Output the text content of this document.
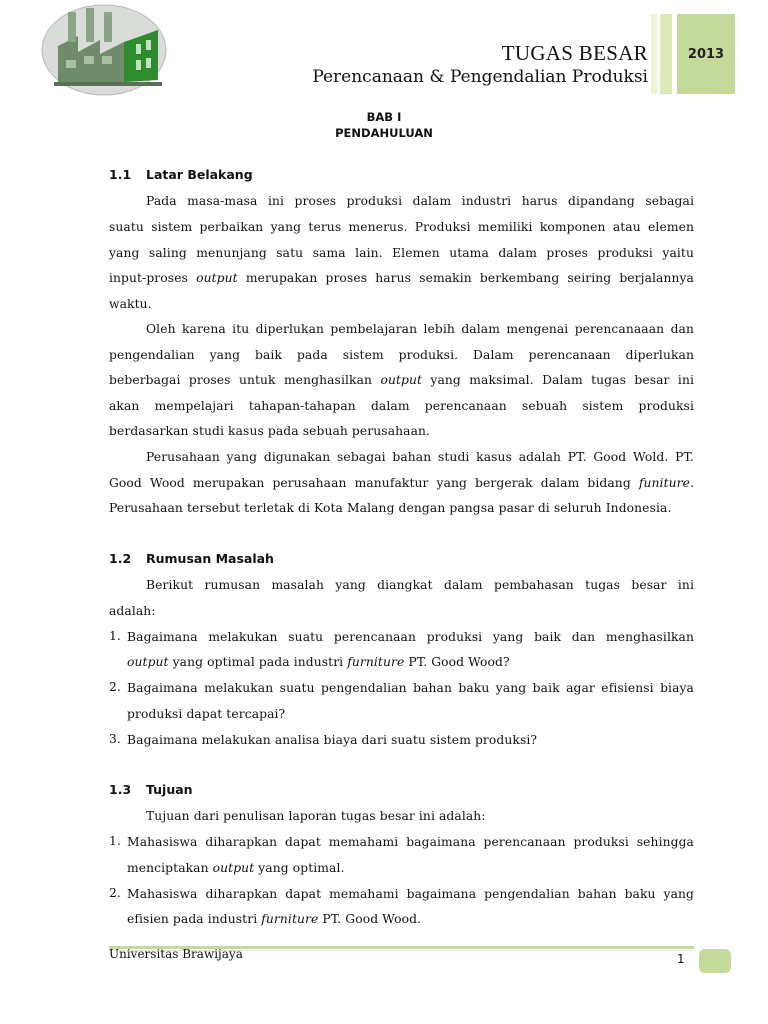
TUGAS BESAR
Perencanaan & Pengendalian Produksi
2013
BAB I
PENDAHULUAN
1.1 Latar Belakang
Pada masa-masa ini proses produksi dalam industri harus dipandang sebagai
suatu sistem perbaikan yang terus menerus. Produksi memiliki komponen atau elemen
yang saling menunjang satu sama lain. Elemen utama dalam proses produksi yaitu
input-proses output merupakan proses harus semakin berkembang seiring berjalannya
waktu.
Oleh karena itu diperlukan pembelajaran lebih dalam mengenai perencanaaan dan
pengendalian yang baik pada sistem produksi. Dalam perencanaan diperlukan
beberbagai proses untuk menghasilkan output yang maksimal. Dalam tugas besar ini
akan mempelajari tahapan-tahapan dalam perencanaan sebuah sistem produksi
berdasarkan studi kasus pada sebuah perusahaan.
Perusahaan yang digunakan sebagai bahan studi kasus adalah PT. Good Wold. PT.
Good Wood merupakan perusahaan manufaktur yang bergerak dalam bidang funiture.
Perusahaan tersebut terletak di Kota Malang dengan pangsa pasar di seluruh Indonesia.
1.2 Rumusan Masalah
Berikut rumusan masalah yang diangkat dalam pembahasan tugas besar ini
adalah:
1. Bagaimana melakukan suatu perencanaan produksi yang baik dan menghasilkan
output yang optimal pada industri furniture PT. Good Wood?
2. Bagaimana melakukan suatu pengendalian bahan baku yang baik agar efisiensi biaya
produksi dapat tercapai?
3. Bagaimana melakukan analisa biaya dari suatu sistem produksi?
1.3 Tujuan
Tujuan dari penulisan laporan tugas besar ini adalah:
1. Mahasiswa diharapkan dapat memahami bagaimana perencanaan produksi sehingga
menciptakan output yang optimal.
2. Mahasiswa diharapkan dapat memahami bagaimana pengendalian bahan baku yang
efisien pada industri furniture PT. Good Wood.
Universitas Brawijaya	1
